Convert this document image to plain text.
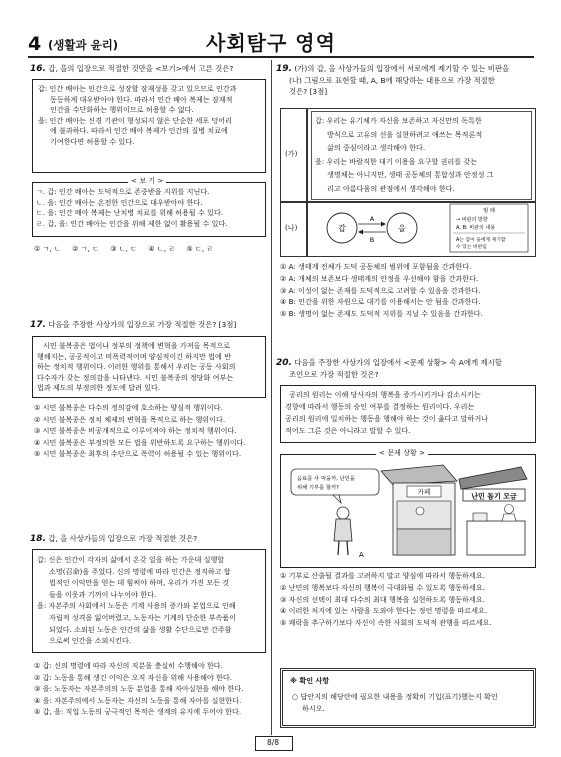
4 (생활과 윤리)	사회탐구 영역
16. 갑, 을의 입장으로 적절한 것만을 <보기>에서 고른 것은?
갑: 인간 배아는 인간으로 성장할 잠재성을 갖고 있으므로 인간과
동등하게 대우받아야 한다. 따라서 인간 배아 복제는 잠재적
인간을 수단화하는 행위이므로 허용할 수 없다.
을: 인간 배아는 신경 기관이 형성되지 않은 단순한 세포 덩어리
에 불과하다. 따라서 인간 배아 복제가 인간의 질병 치료에
기여한다면 허용할 수 있다.
< 보 기 >
ㄱ. 갑: 인간 배아는 도덕적으로 존중받을 지위를 지닌다.
ㄴ. 을: 인간 배아는 온전한 인간으로 대우받아야 한다.
ㄷ. 을: 인간 배아 복제는 난치병 치료를 위해 허용될 수 있다.
ㄹ. 갑, 을: 인간 배아는 인간을 위해 제한 없이 활용될 수 있다.
① ㄱ, ㄴ     ② ㄱ, ㄷ     ③ ㄴ, ㄷ     ④ ㄴ, ㄹ     ⑤ ㄷ, ㄹ
17. 다음을 주장한 사상가의 입장으로 가장 적절한 것은? [3점]
시민 불복종은 법이나 정부의 정책에 변혁을 가져올 목적으로
행해지는, 공공적이고 비폭력적이며 양심적이긴 하지만 법에 반
하는 정치적 행위이다. 이러한 행위를 통해서 우리는 공동 사회의
다수자가 갖는 정의감을 나타낸다. 시민 불복종의 정당화 여부는
법과 제도의 부정의한 정도에 달려 있다.
① 시민 불복종은 다수의 정의감에 호소하는 양심적 행위이다.
② 시민 불복종은 정치 체제의 변혁을 목적으로 하는 행위이다.
③ 시민 불복종은 비공개적으로 이루어져야 하는 정치적 행위이다.
④ 시민 불복종은 부정의한 모든 법을 위반하도록 요구하는 행위이다.
⑤ 시민 불복종은 최후의 수단으로 폭력이 허용될 수 있는 행위이다.
18. 갑, 을 사상가들의 입장으로 가장 적절한 것은?
갑: 신은 인간이 각자의 삶에서 온갖 일을 하는 가운데 실행할
소명(召命)을 주었다. 신의 명령에 따라 인간은 정직하고 합
법적인 이익만을 얻는 데 힘써야 하며, 우리가 가진 모든 것
들을 이웃과 기꺼이 나누어야 한다.
을: 자본주의 사회에서 노동은 기계 사용의 증가와 분업으로 인해
자립적 성격을 잃어버렸고, 노동자는 기계의 단순한 부속품이
되었다. 소외된 노동은 인간의 삶을 생활 수단으로만 간주함
으로써 인간을 소외시킨다.
① 갑: 신의 명령에 따라 자신의 직분을 충실히 수행해야 한다.
② 갑: 노동을 통해 생긴 이익은 오직 자신을 위해 사용해야 한다.
③ 을: 노동자는 자본주의의 노동 분업을 통해 자아실현을 해야 한다.
④ 을: 자본주의에서 노동자는 자신의 노동을 통해 자아를 실현한다.
⑤ 갑, 을: 직업 노동의 궁극적인 목적은 생계의 유지에 두어야 한다.
19. (가)의 갑, 을 사상가들의 입장에서 서로에게 제기할 수 있는 비판을
(나) 그림으로 표현할 때, A, B에 해당하는 내용으로 가장 적절한
것은? [3점]
(가)
(나)
갑: 우리는 유기체가 자신을 보존하고 자신만의 독특한
방식으로 고유의 선을 실현하려고 애쓰는 목적론적
삶의 중심이라고 생각해야 한다.
을: 우리는 바람직한 대기 이용을 요구할 권리를 갖는
생명체는 아니지만, 생태 공동체의 통합성과 안정성 그
리고 아름다움의 관점에서 생각해야 한다.
갑	을
A
B
범 례
→ 비판의 방향
A, B: 비판의 내용
A는 갑이 을에게 제기할
수 있는 비판임
① A: 생태계 전체가 도덕 공동체의 범위에 포함됨을 간과한다.
② A: 개체의 보존보다 생태계의 안정을 우선해야 함을 간과한다.
③ A: 이성이 없는 존재를 도덕적으로 고려할 수 있음을 간과한다.
④ B: 인간을 위한 자원으로 대기를 이용해서는 안 됨을 간과한다.
⑤ B: 생명이 없는 존재도 도덕적 지위를 지닐 수 있음을 간과한다.
20. 다음을 주장한 사상가의 입장에서 <문제 상황> 속 A에게 제시할
조언으로 가장 적절한 것은?
공리의 원리는 이해 당사자의 행복을 증가시키거나 감소시키는
경향에 따라서 행동의 승인 여부를 결정하는 원리이다. 우리는
공리의 원리에 일치하는 행동을 행해야 하는 것이 옳다고 말하거나
적어도 그른 것은 아니라고 말할 수 있다.
< 문제 상황 >
음료를 사 먹을까, 난민을
위해 기부를 할까?
A
카페
난민 돕기 모금
① 기부로 산출될 결과를 고려하지 말고 양심에 따라서 행동하세요.
② 난민의 행복보다 자신의 행복이 극대화될 수 있도록 행동하세요.
③ 자신의 선택이 최대 다수의 최대 행복을 실현하도록 행동하세요.
④ 이러한 처지에 있는 사람을 도와야 한다는 정언 명령을 따르세요.
⑤ 쾌락을 추구하기보다 자신이 속한 사회의 도덕적 관행을 따르세요.
※ 확인 사항
○ 답안지의 해당란에 필요한 내용을 정확히 기입(표기)했는지 확인
하시오.
8/8
